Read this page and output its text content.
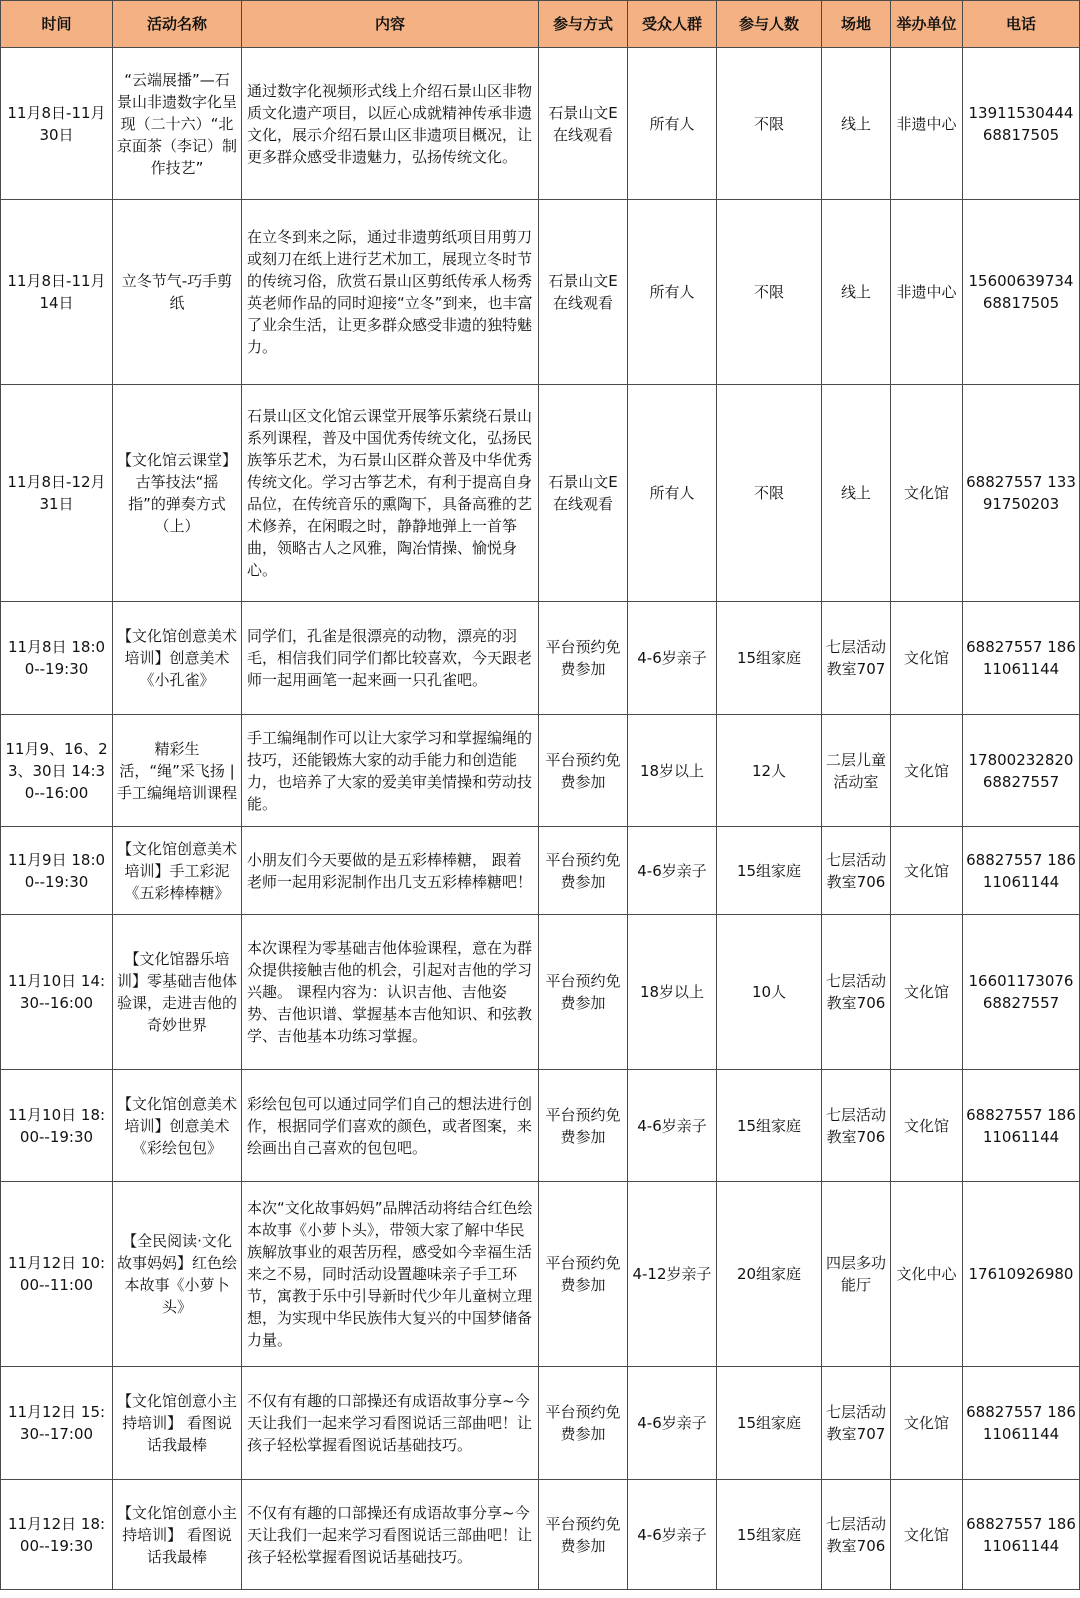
时间	活动名称	内容	参与方式	受众人群	参与人数	场地	举办单位	电话
11月8日-11月30日	“云端展播”—石景山非遗数字化呈现（二十六）“北京面茶（李记）制作技艺”	通过数字化视频形式线上介绍石景山区非物质文化遗产项目，以匠心成就精神传承非遗文化，展示介绍石景山区非遗项目概况，让更多群众感受非遗魅力，弘扬传统文化。	石景山文E在线观看	所有人	不限	线上	非遗中心	13911530444 68817505
11月8日-11月14日	立冬节气-巧手剪纸	在立冬到来之际，通过非遗剪纸项目用剪刀或刻刀在纸上进行艺术加工，展现立冬时节的传统习俗，欣赏石景山区剪纸传承人杨秀英老师作品的同时迎接“立冬”到来，也丰富了业余生活，让更多群众感受非遗的独特魅力。	石景山文E在线观看	所有人	不限	线上	非遗中心	15600639734 68817505
11月8日-12月31日	【文化馆云课堂】古筝技法“摇指”的弹奏方式（上）	石景山区文化馆云课堂开展筝乐萦绕石景山系列课程，普及中国优秀传统文化，弘扬民族筝乐艺术，为石景山区群众普及中华优秀传统文化。学习古筝艺术，有利于提高自身品位，在传统音乐的熏陶下，具备高雅的艺术修养，在闲暇之时，静静地弹上一首筝曲，领略古人之风雅，陶冶情操、愉悦身心。	石景山文E在线观看	所有人	不限	线上	文化馆	68827557 13391750203
11月8日 18:00--19:30	【文化馆创意美术培训】创意美术《小孔雀》	同学们，孔雀是很漂亮的动物，漂亮的羽毛，相信我们同学们都比较喜欢，今天跟老师一起用画笔一起来画一只孔雀吧。	平台预约免费参加	4-6岁亲子	15组家庭	七层活动教室707	文化馆	68827557 18611061144
11月9、16、23、30日 14:30--16:00	精彩生活，“绳”采飞扬 | 手工编绳培训课程	手工编绳制作可以让大家学习和掌握编绳的技巧，还能锻炼大家的动手能力和创造能力，也培养了大家的爱美审美情操和劳动技能。	平台预约免费参加	18岁以上	12人	二层儿童活动室	文化馆	17800232820 68827557
11月9日 18:00--19:30	【文化馆创意美术培训】手工彩泥《五彩棒棒糖》	小朋友们今天要做的是五彩棒棒糖， 跟着老师一起用彩泥制作出几支五彩棒棒糖吧！	平台预约免费参加	4-6岁亲子	15组家庭	七层活动教室706	文化馆	68827557 18611061144
11月10日 14:30--16:00	【文化馆器乐培训】零基础吉他体验课，走进吉他的奇妙世界	本次课程为零基础吉他体验课程，意在为群众提供接触吉他的机会，引起对吉他的学习兴趣。 课程内容为：认识吉他、吉他姿势、吉他识谱、掌握基本吉他知识、和弦教学、吉他基本功练习掌握。	平台预约免费参加	18岁以上	10人	七层活动教室706	文化馆	16601173076 68827557
11月10日 18:00--19:30	【文化馆创意美术培训】创意美术《彩绘包包》	彩绘包包可以通过同学们自己的想法进行创作，根据同学们喜欢的颜色，或者图案，来绘画出自己喜欢的包包吧。	平台预约免费参加	4-6岁亲子	15组家庭	七层活动教室706	文化馆	68827557 18611061144
11月12日 10:00--11:00	【全民阅读·文化故事妈妈】红色绘本故事《小萝卜头》	本次“文化故事妈妈”品牌活动将结合红色绘本故事《小萝卜头》，带领大家了解中华民族解放事业的艰苦历程，感受如今幸福生活来之不易，同时活动设置趣味亲子手工环节，寓教于乐中引导新时代少年儿童树立理想，为实现中华民族伟大复兴的中国梦储备力量。	平台预约免费参加	4-12岁亲子	20组家庭	四层多功能厅	文化中心	17610926980
11月12日 15:30--17:00	【文化馆创意小主持培训】 看图说话我最棒	不仅有有趣的口部操还有成语故事分享~今天让我们一起来学习看图说话三部曲吧！让孩子轻松掌握看图说话基础技巧。	平台预约免费参加	4-6岁亲子	15组家庭	七层活动教室707	文化馆	68827557 18611061144
11月12日 18:00--19:30	【文化馆创意小主持培训】 看图说话我最棒	不仅有有趣的口部操还有成语故事分享~今天让我们一起来学习看图说话三部曲吧！让孩子轻松掌握看图说话基础技巧。	平台预约免费参加	4-6岁亲子	15组家庭	七层活动教室706	文化馆	68827557 18611061144
